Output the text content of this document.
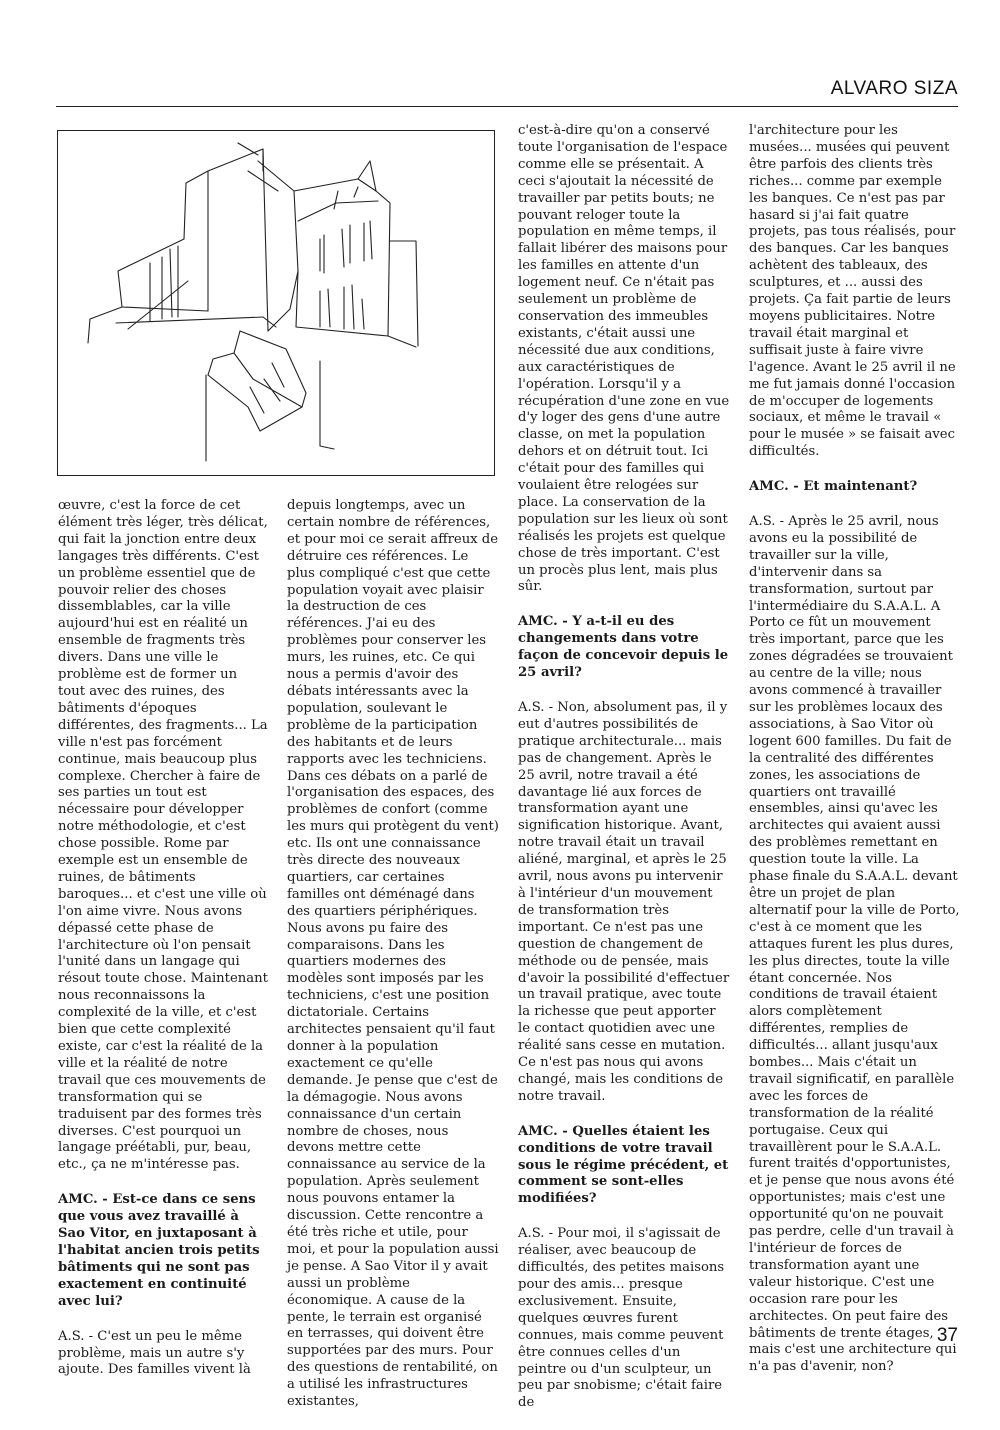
ALVARO SIZA

œuvre, c'est la force de cet élément très léger, très délicat, qui fait la jonction entre deux langages très différents. C'est un problème essentiel que de pouvoir relier des choses dissemblables, car la ville aujourd'hui est en réalité un ensemble de fragments très divers. Dans une ville le problème est de former un tout avec des ruines, des bâtiments d'époques différentes, des fragments... La ville n'est pas forcément continue, mais beaucoup plus complexe. Chercher à faire de ses parties un tout est nécessaire pour développer notre méthodologie, et c'est chose possible. Rome par exemple est un ensemble de ruines, de bâtiments baroques... et c'est une ville où l'on aime vivre. Nous avons dépassé cette phase de l'architecture où l'on pensait l'unité dans un langage qui résout toute chose. Maintenant nous reconnaissons la complexité de la ville, et c'est bien que cette complexité existe, car c'est la réalité de la ville et la réalité de notre travail que ces mouvements de transformation qui se traduisent par des formes très diverses. C'est pourquoi un langage préétabli, pur, beau, etc., ça ne m'intéresse pas.

AMC. - Est-ce dans ce sens que vous avez travaillé à Sao Vitor, en juxtaposant à l'habitat ancien trois petits bâtiments qui ne sont pas exactement en continuité avec lui?

A.S. - C'est un peu le même problème, mais un autre s'y ajoute. Des familles vivent là

depuis longtemps, avec un certain nombre de références, et pour moi ce serait affreux de détruire ces références. Le plus compliqué c'est que cette population voyait avec plaisir la destruction de ces références. J'ai eu des problèmes pour conserver les murs, les ruines, etc. Ce qui nous a permis d'avoir des débats intéressants avec la population, soulevant le problème de la participation des habitants et de leurs rapports avec les techniciens. Dans ces débats on a parlé de l'organisation des espaces, des problèmes de confort (comme les murs qui protègent du vent) etc. Ils ont une connaissance très directe des nouveaux quartiers, car certaines familles ont déménagé dans des quartiers périphériques. Nous avons pu faire des comparaisons. Dans les quartiers modernes des modèles sont imposés par les techniciens, c'est une position dictatoriale. Certains architectes pensaient qu'il faut donner à la population exactement ce qu'elle demande. Je pense que c'est de la démagogie. Nous avons connaissance d'un certain nombre de choses, nous devons mettre cette connaissance au service de la population. Après seulement nous pouvons entamer la discussion. Cette rencontre a été très riche et utile, pour moi, et pour la population aussi je pense. A Sao Vitor il y avait aussi un problème économique. A cause de la pente, le terrain est organisé en terrasses, qui doivent être supportées par des murs. Pour des questions de rentabilité, on a utilisé les infrastructures existantes,

c'est-à-dire qu'on a conservé toute l'organisation de l'espace comme elle se présentait. A ceci s'ajoutait la nécessité de travailler par petits bouts; ne pouvant reloger toute la population en même temps, il fallait libérer des maisons pour les familles en attente d'un logement neuf. Ce n'était pas seulement un problème de conservation des immeubles existants, c'était aussi une nécessité due aux conditions, aux caractéristiques de l'opération. Lorsqu'il y a récupération d'une zone en vue d'y loger des gens d'une autre classe, on met la population dehors et on détruit tout. Ici c'était pour des familles qui voulaient être relogées sur place. La conservation de la population sur les lieux où sont réalisés les projets est quelque chose de très important. C'est un procès plus lent, mais plus sûr.

AMC. - Y a-t-il eu des changements dans votre façon de concevoir depuis le 25 avril?

A.S. - Non, absolument pas, il y eut d'autres possibilités de pratique architecturale... mais pas de changement. Après le 25 avril, notre travail a été davantage lié aux forces de transformation ayant une signification historique. Avant, notre travail était un travail aliéné, marginal, et après le 25 avril, nous avons pu intervenir à l'intérieur d'un mouvement de transformation très important. Ce n'est pas une question de changement de méthode ou de pensée, mais d'avoir la possibilité d'effectuer un travail pratique, avec toute la richesse que peut apporter le contact quotidien avec une réalité sans cesse en mutation. Ce n'est pas nous qui avons changé, mais les conditions de notre travail.

AMC. - Quelles étaient les conditions de votre travail sous le régime précédent, et comment se sont-elles modifiées?

A.S. - Pour moi, il s'agissait de réaliser, avec beaucoup de difficultés, des petites maisons pour des amis... presque exclusivement. Ensuite, quelques œuvres furent connues, mais comme peuvent être connues celles d'un peintre ou d'un sculpteur, un peu par snobisme; c'était faire de

l'architecture pour les musées... musées qui peuvent être parfois des clients très riches... comme par exemple les banques. Ce n'est pas par hasard si j'ai fait quatre projets, pas tous réalisés, pour des banques. Car les banques achètent des tableaux, des sculptures, et ... aussi des projets. Ça fait partie de leurs moyens publicitaires. Notre travail était marginal et suffisait juste à faire vivre l'agence. Avant le 25 avril il ne me fut jamais donné l'occasion de m'occuper de logements sociaux, et même le travail « pour le musée » se faisait avec difficultés.

AMC. - Et maintenant?

A.S. - Après le 25 avril, nous avons eu la possibilité de travailler sur la ville, d'intervenir dans sa transformation, surtout par l'intermédiaire du S.A.A.L. A Porto ce fût un mouvement très important, parce que les zones dégradées se trouvaient au centre de la ville; nous avons commencé à travailler sur les problèmes locaux des associations, à Sao Vitor où logent 600 familles. Du fait de la centralité des différentes zones, les associations de quartiers ont travaillé ensembles, ainsi qu'avec les architectes qui avaient aussi des problèmes remettant en question toute la ville. La phase finale du S.A.A.L. devant être un projet de plan alternatif pour la ville de Porto, c'est à ce moment que les attaques furent les plus dures, les plus directes, toute la ville étant concernée. Nos conditions de travail étaient alors complètement différentes, remplies de difficultés... allant jusqu'aux bombes... Mais c'était un travail significatif, en parallèle avec les forces de transformation de la réalité portugaise. Ceux qui travaillèrent pour le S.A.A.L. furent traités d'opportunistes, et je pense que nous avons été opportunistes; mais c'est une opportunité qu'on ne pouvait pas perdre, celle d'un travail à l'intérieur de forces de transformation ayant une valeur historique. C'est une occasion rare pour les architectes. On peut faire des bâtiments de trente étages, mais c'est une architecture qui n'a pas d'avenir, non?

37
